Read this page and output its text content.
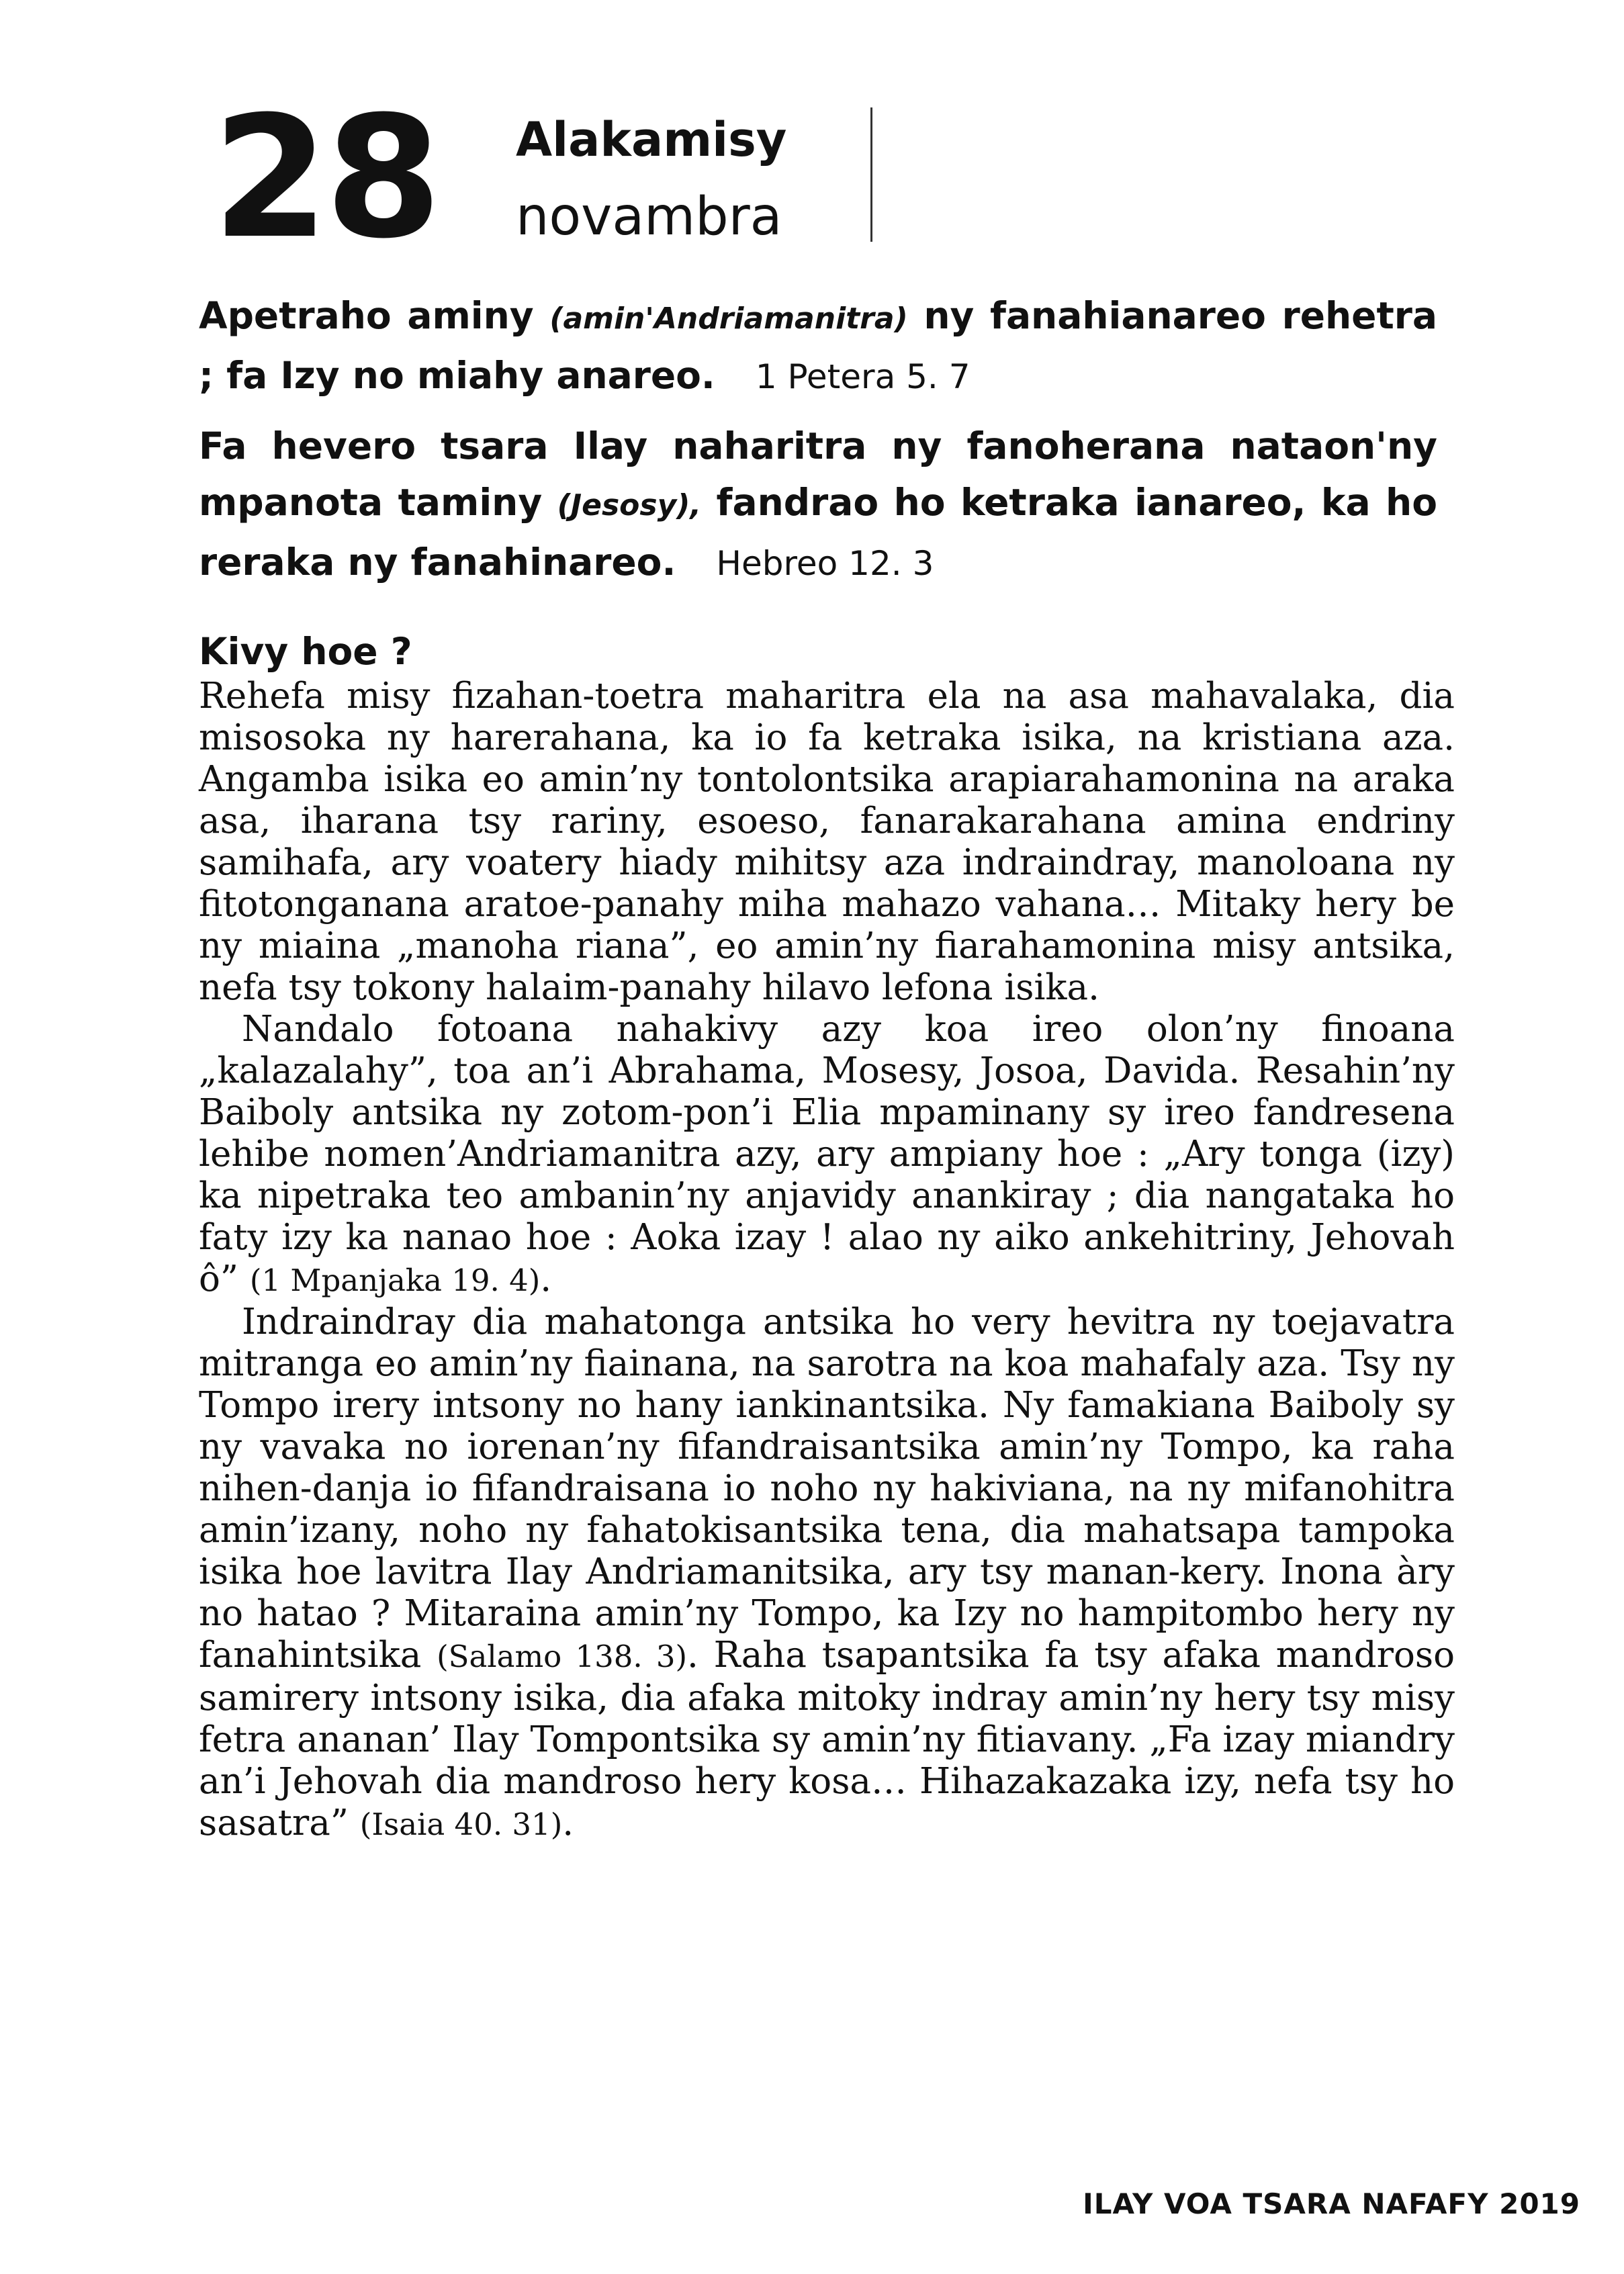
28 Alakamisy
novambra
Apetraho aminy (amin'Andriamanitra) ny fanahianareo rehetra ; fa Izy no miahy anareo. 1 Petera 5. 7
Fa hevero tsara Ilay naharitra ny fanoherana nataon'ny mpanota taminy (Jesosy), fandrao ho ketraka ianareo, ka ho reraka ny fanahinareo. Hebreo 12. 3
Kivy hoe ?

Rehefa misy fizahan-toetra maharitra ela na asa mahavalaka, dia misosoka ny harerahana, ka io fa ketraka isika, na kristiana aza. Angamba isika eo amin’ny tontolontsika arapiarahamonina na araka asa, iharana tsy rariny, esoeso, fanarakarahana amina endriny samihafa, ary voatery hiady mihitsy aza indraindray, manoloana ny fitotonganana aratoe-panahy miha mahazo vahana… Mitaky hery be ny miaina „manoha riana”, eo amin’ny fiarahamonina misy antsika, nefa tsy tokony halaim-panahy hilavo lefona isika.

Nandalo fotoana nahakivy azy koa ireo olon’ny finoana „kalazalahy”, toa an’i Abrahama, Mosesy, Josoa, Davida. Resahin’ny Baiboly antsika ny zotom-pon’i Elia mpaminany sy ireo fandresena lehibe nomen’Andriamanitra azy, ary ampiany hoe : „Ary tonga (izy) ka nipetraka teo ambanin’ny anjavidy anankiray ; dia nangataka ho faty izy ka nanao hoe : Aoka izay ! alao ny aiko ankehitriny, Jehovah ô” (1 Mpanjaka 19. 4).

Indraindray dia mahatonga antsika ho very hevitra ny toejavatra mitranga eo amin’ny fiainana, na sarotra na koa mahafaly aza. Tsy ny Tompo irery intsony no hany iankinantsika. Ny famakiana Baiboly sy ny vavaka no iorenan’ny fifandraisantsika amin’ny Tompo, ka raha nihen-danja io fifandraisana io noho ny hakiviana, na ny mifanohitra amin’izany, noho ny fahatokisantsika tena, dia mahatsapa tampoka isika hoe lavitra Ilay Andriamanitsika, ary tsy manan-kery. Inona àry no hatao ? Mitaraina amin’ny Tompo, ka Izy no hampitombo hery ny fanahintsika (Salamo 138. 3). Raha tsapantsika fa tsy afaka mandroso samirery intsony isika, dia afaka mitoky indray amin’ny hery tsy misy fetra ananan’ Ilay Tompontsika sy amin’ny fitiavany. „Fa izay miandry an’i Jehovah dia mandroso hery kosa… Hihazakazaka izy, nefa tsy ho sasatra” (Isaia 40. 31).

ILAY VOA TSARA NAFAFY 2019
